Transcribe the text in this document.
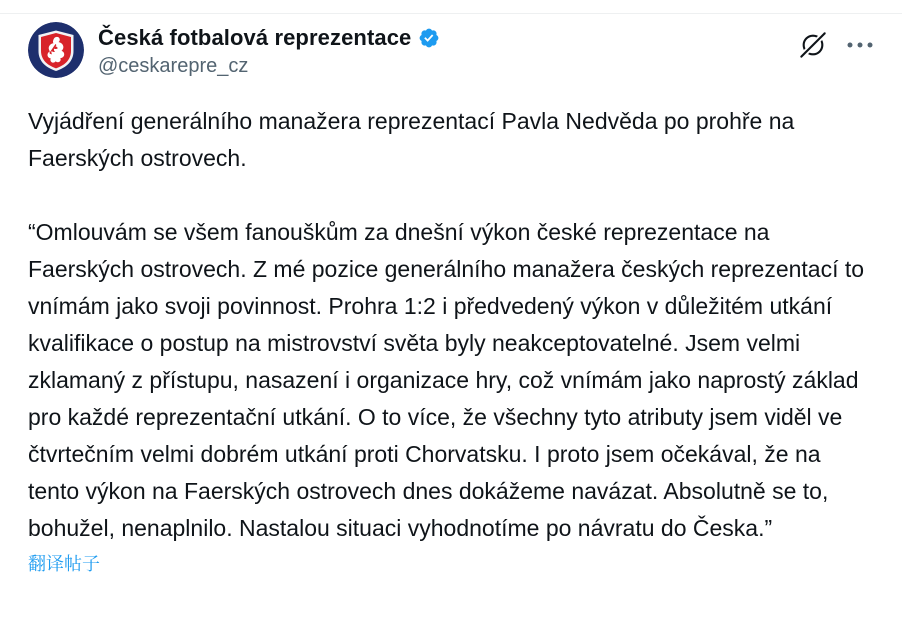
Česká fotbalová reprezentace
@ceskarepre_cz

Vyjádření generálního manažera reprezentací Pavla Nedvěda po prohře na Faerských ostrovech.

“Omlouvám se všem fanouškům za dnešní výkon české reprezentace na Faerských ostrovech. Z mé pozice generálního manažera českých reprezentací to vnímám jako svoji povinnost. Prohra 1:2 i předvedený výkon v důležitém utkání kvalifikace o postup na mistrovství světa byly neakceptovatelné. Jsem velmi zklamaný z přístupu, nasazení i organizace hry, což vnímám jako naprostý základ pro každé reprezentační utkání. O to více, že všechny tyto atributy jsem viděl ve čtvrtečním velmi dobrém utkání proti Chorvatsku. I proto jsem očekával, že na tento výkon na Faerských ostrovech dnes dokážeme navázat. Absolutně se to, bohužel, nenaplnilo. Nastalou situaci vyhodnotíme po návratu do Česka.”

翻译帖子
